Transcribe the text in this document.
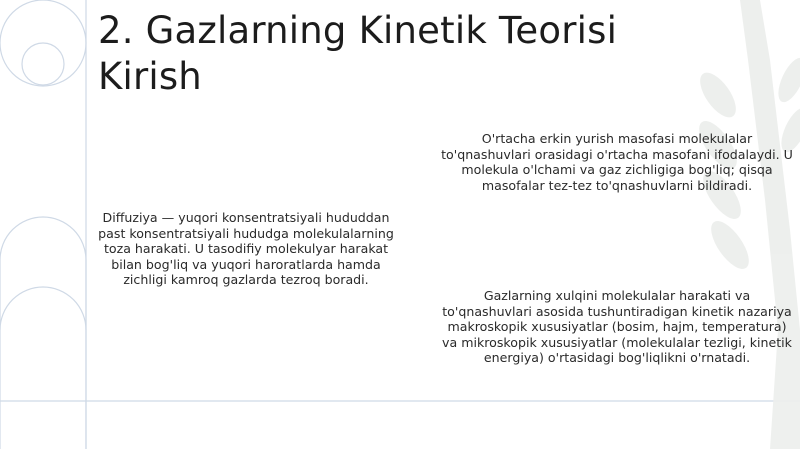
2. Gazlarning Kinetik Teorisi
Kirish

Diffuziya — yuqori konsentratsiyali hududdan past konsentratsiyali hududga molekulalarning toza harakati. U tasodifiy molekulyar harakat bilan bog'liq va yuqori haroratlarda hamda zichligi kamroq gazlarda tezroq boradi.

O'rtacha erkin yurish masofasi molekulalar to'qnashuvlari orasidagi o'rtacha masofani ifodalaydi. U molekula o'lchami va gaz zichligiga bog'liq; qisqa masofalar tez-tez to'qnashuvlarni bildiradi.

Gazlarning xulqini molekulalar harakati va to'qnashuvlari asosida tushuntiradigan kinetik nazariya makroskopik xususiyatlar (bosim, hajm, temperatura) va mikroskopik xususiyatlar (molekulalar tezligi, kinetik energiya) o'rtasidagi bog'liqlikni o'rnatadi.
